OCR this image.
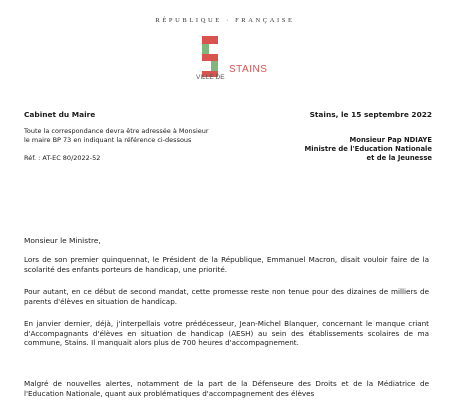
RÉPUBLIQUE · FRANÇAISE
STAINS
VILLE DE
Cabinet du Maire
Toute la correspondance devra être adressée à Monsieur le maire BP 73 en indiquant la référence ci-dessous
Réf. : AT-EC 80/2022-52
Stains, le 15 septembre 2022
Monsieur Pap NDIAYE
Ministre de l'Education Nationale
et de la Jeunesse
Monsieur le Ministre,
Lors de son premier quinquennat, le Président de la République, Emmanuel Macron, disait vouloir faire de la scolarité des enfants porteurs de handicap, une priorité.
Pour autant, en ce début de second mandat, cette promesse reste non tenue pour des dizaines de milliers de parents d'élèves en situation de handicap.
En janvier dernier, déjà, j'interpellais votre prédécesseur, Jean-Michel Blanquer, concernant le manque criant d'Accompagnants d'élèves en situation de handicap (AESH) au sein des établissements scolaires de ma commune, Stains. Il manquait alors plus de 700 heures d'accompagnement.
Malgré de nouvelles alertes, notamment de la part de la Défenseure des Droits et de la Médiatrice de l'Education Nationale, quant aux problématiques d'accompagnement des élèves
